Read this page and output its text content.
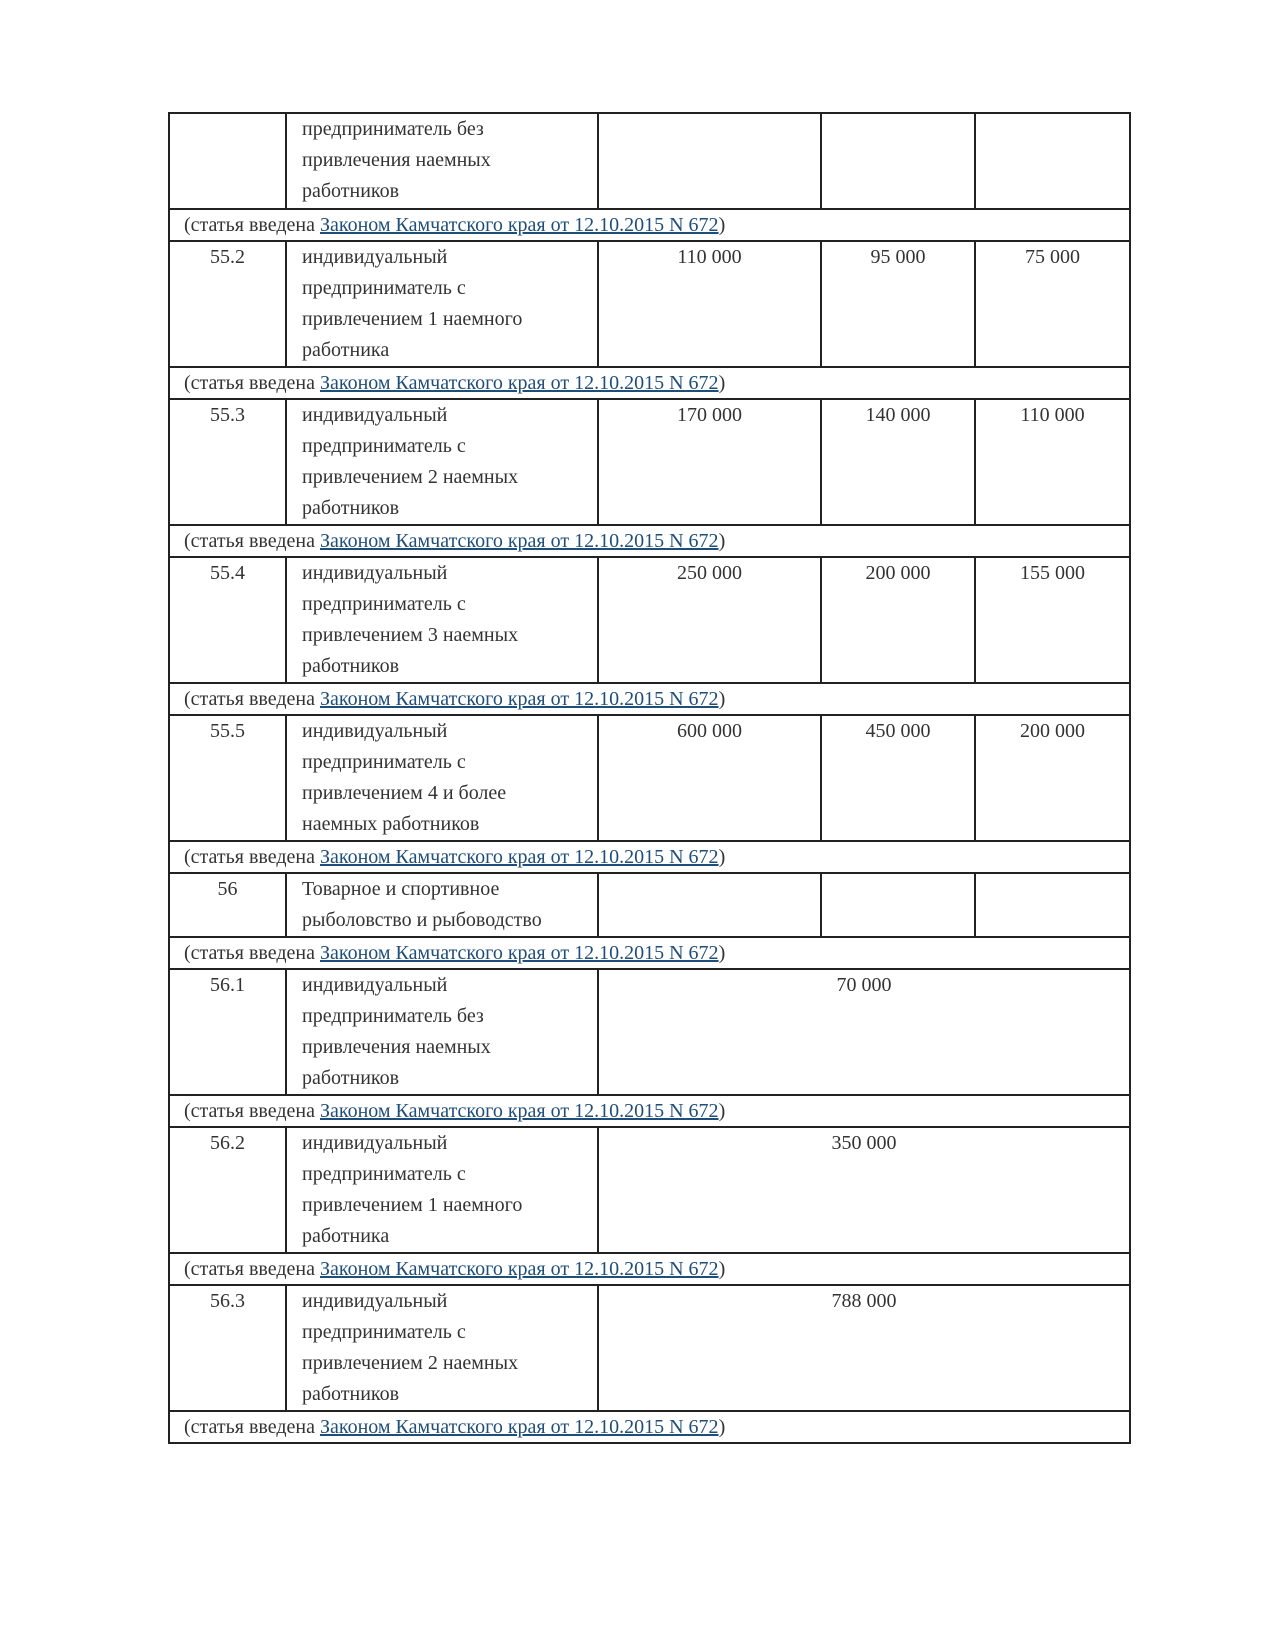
	предприниматель без
привлечения наемных
работников			

(статья введена Законом Камчатского края от 12.10.2015 N 672)				
55.2	индивидуальный
предприниматель с
привлечением 1 наемного
работника	110 000	95 000	75 000
(статья введена Законом Камчатского края от 12.10.2015 N 672)				
55.3	индивидуальный
предприниматель с
привлечением 2 наемных
работников	170 000	140 000	110 000
(статья введена Законом Камчатского края от 12.10.2015 N 672)				
55.4	индивидуальный
предприниматель с
привлечением 3 наемных
работников	250 000	200 000	155 000
(статья введена Законом Камчатского края от 12.10.2015 N 672)				
55.5	индивидуальный
предприниматель с
привлечением 4 и более
наемных работников	600 000	450 000	200 000
(статья введена Законом Камчатского края от 12.10.2015 N 672)				
56	Товарное и спортивное
рыболовство и рыбоводство			

(статья введена Законом Камчатского края от 12.10.2015 N 672)				
56.1	индивидуальный
предприниматель без
привлечения наемных
работников	70 000		
(статья введена Законом Камчатского края от 12.10.2015 N 672)				
56.2	индивидуальный
предприниматель с
привлечением 1 наемного
работника	350 000		
(статья введена Законом Камчатского края от 12.10.2015 N 672)				
56.3	индивидуальный
предприниматель с
привлечением 2 наемных
работников	788 000		
(статья введена Законом Камчатского края от 12.10.2015 N 672)				
